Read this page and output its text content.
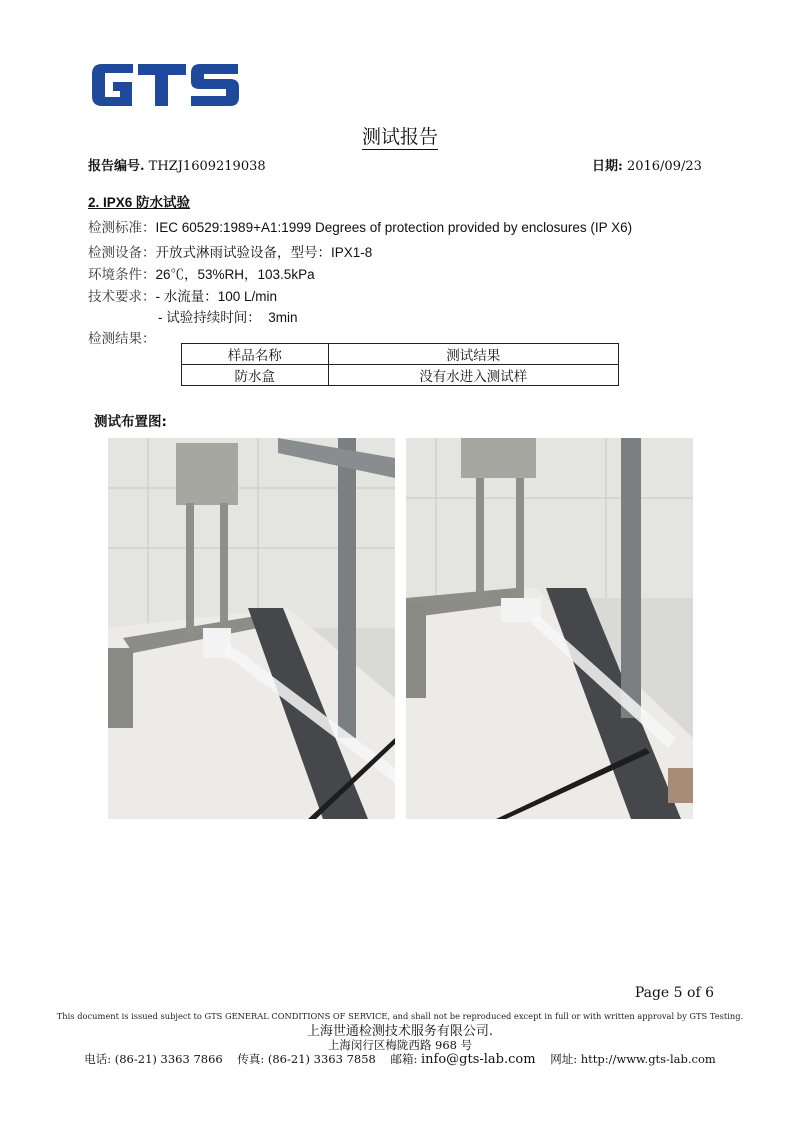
测试报告
报告编号. THZJ1609219038	日期: 2016/09/23
2. IPX6 防水试验
检测标准：IEC 60529:1989+A1:1999 Degrees of protection provided by enclosures (IP X6)
检测设备：开放式淋雨试验设备，型号：IPX1-8
环境条件：26℃，53%RH，103.5kPa
技术要求：- 水流量：100 L/min
- 试验持续时间： 3min
检测结果：
样品名称	测试结果
防水盒	没有水进入测试样
测试布置图:
Page 5 of 6
This document is issued subject to GTS GENERAL CONDITIONS OF SERVICE, and shall not be reproduced except in full or with written approval by GTS Testing.
上海世通检测技术服务有限公司.
上海闵行区梅陇西路 968 号
电话: (86-21) 3363 7866 传真: (86-21) 3363 7858 邮箱: info@gts-lab.com 网址: http://www.gts-lab.com
